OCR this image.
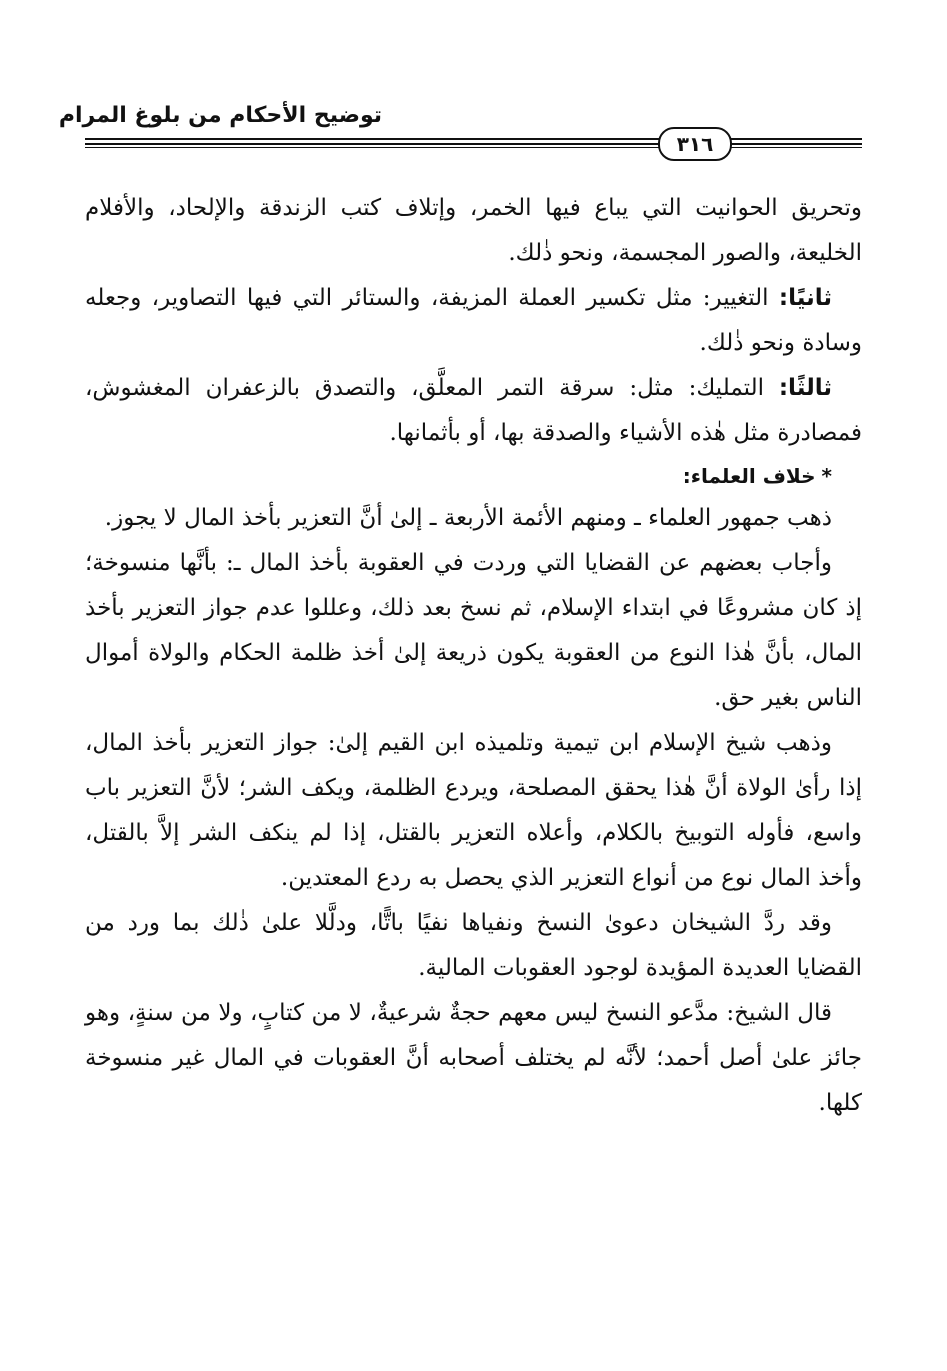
توضيح الأحكام من بلوغ المرام
٣١٦

وتحريق الحوانيت التي يباع فيها الخمر، وإتلاف كتب الزندقة والإلحاد، والأفلام الخليعة، والصور المجسمة، ونحو ذٰلك.

ثانيًا: التغيير: مثل تكسير العملة المزيفة، والستائر التي فيها التصاوير، وجعله وسادة ونحو ذٰلك.

ثالثًا: التمليك: مثل: سرقة التمر المعلَّق، والتصدق بالزعفران المغشوش، فمصادرة مثل هٰذه الأشياء والصدقة بها، أو بأثمانها.

*خلاف العلماء:

ذهب جمهور العلماء ـ ومنهم الأئمة الأربعة ـ إلىٰ أنَّ التعزير بأخذ المال لا يجوز.

وأجاب بعضهم عن القضايا التي وردت في العقوبة بأخذ المال ـ: بأنَّها منسوخة؛ إذ كان مشروعًا في ابتداء الإسلام، ثم نسخ بعد ذلك، وعللوا عدم جواز التعزير بأخذ المال، بأنَّ هٰذا النوع من العقوبة يكون ذريعة إلىٰ أخذ ظلمة الحكام والولاة أموال الناس بغير حق.

وذهب شيخ الإسلام ابن تيمية وتلميذه ابن القيم إلىٰ: جواز التعزير بأخذ المال، إذا رأىٰ الولاة أنَّ هٰذا يحقق المصلحة، ويردع الظلمة، ويكف الشر؛ لأنَّ التعزير باب واسع، فأوله التوبيخ بالكلام، وأعلاه التعزير بالقتل، إذا لم ينكف الشر إلاَّ بالقتل، وأخذ المال نوع من أنواع التعزير الذي يحصل به ردع المعتدين.

وقد ردَّ الشيخان دعوىٰ النسخ ونفياها نفيًا باتًّا، ودلَّلا علىٰ ذٰلك بما ورد من القضايا العديدة المؤيدة لوجود العقوبات المالية.

قال الشيخ: مدَّعو النسخ ليس معهم حجةٌ شرعيةٌ، لا من كتابٍ، ولا من سنةٍ، وهو جائز علىٰ أصل أحمد؛ لأنَّه لم يختلف أصحابه أنَّ العقوبات في المال غير منسوخة كلها.
